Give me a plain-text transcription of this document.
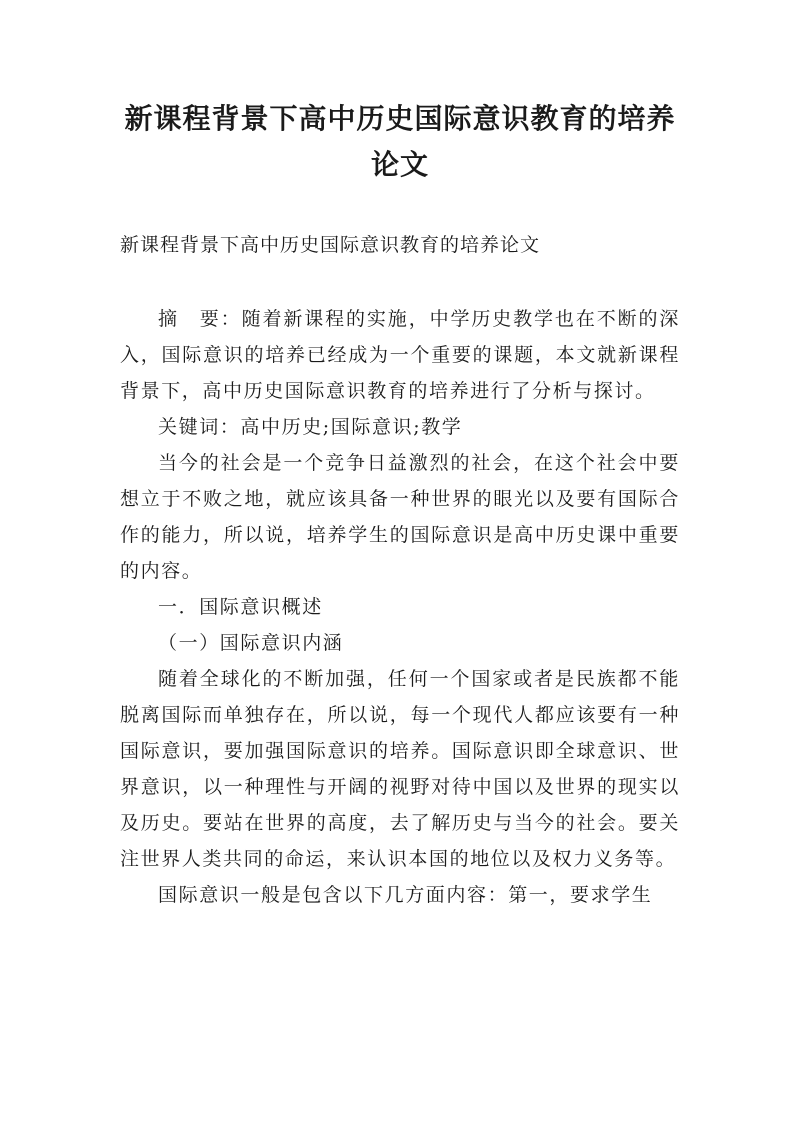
新课程背景下高中历史国际意识教育的培养论文

新课程背景下高中历史国际意识教育的培养论文

摘　要：随着新课程的实施，中学历史教学也在不断的深入，国际意识的培养已经成为一个重要的课题，本文就新课程背景下，高中历史国际意识教育的培养进行了分析与探讨。

关键词：高中历史;国际意识;教学

当今的社会是一个竞争日益激烈的社会，在这个社会中要想立于不败之地，就应该具备一种世界的眼光以及要有国际合作的能力，所以说，培养学生的国际意识是高中历史课中重要的内容。

一．国际意识概述

（一）国际意识内涵

随着全球化的不断加强，任何一个国家或者是民族都不能脱离国际而单独存在，所以说，每一个现代人都应该要有一种国际意识，要加强国际意识的培养。国际意识即全球意识、世界意识，以一种理性与开阔的视野对待中国以及世界的现实以及历史。要站在世界的高度，去了解历史与当今的社会。要关注世界人类共同的命运，来认识本国的地位以及权力义务等。

国际意识一般是包含以下几方面内容：第一，要求学生
